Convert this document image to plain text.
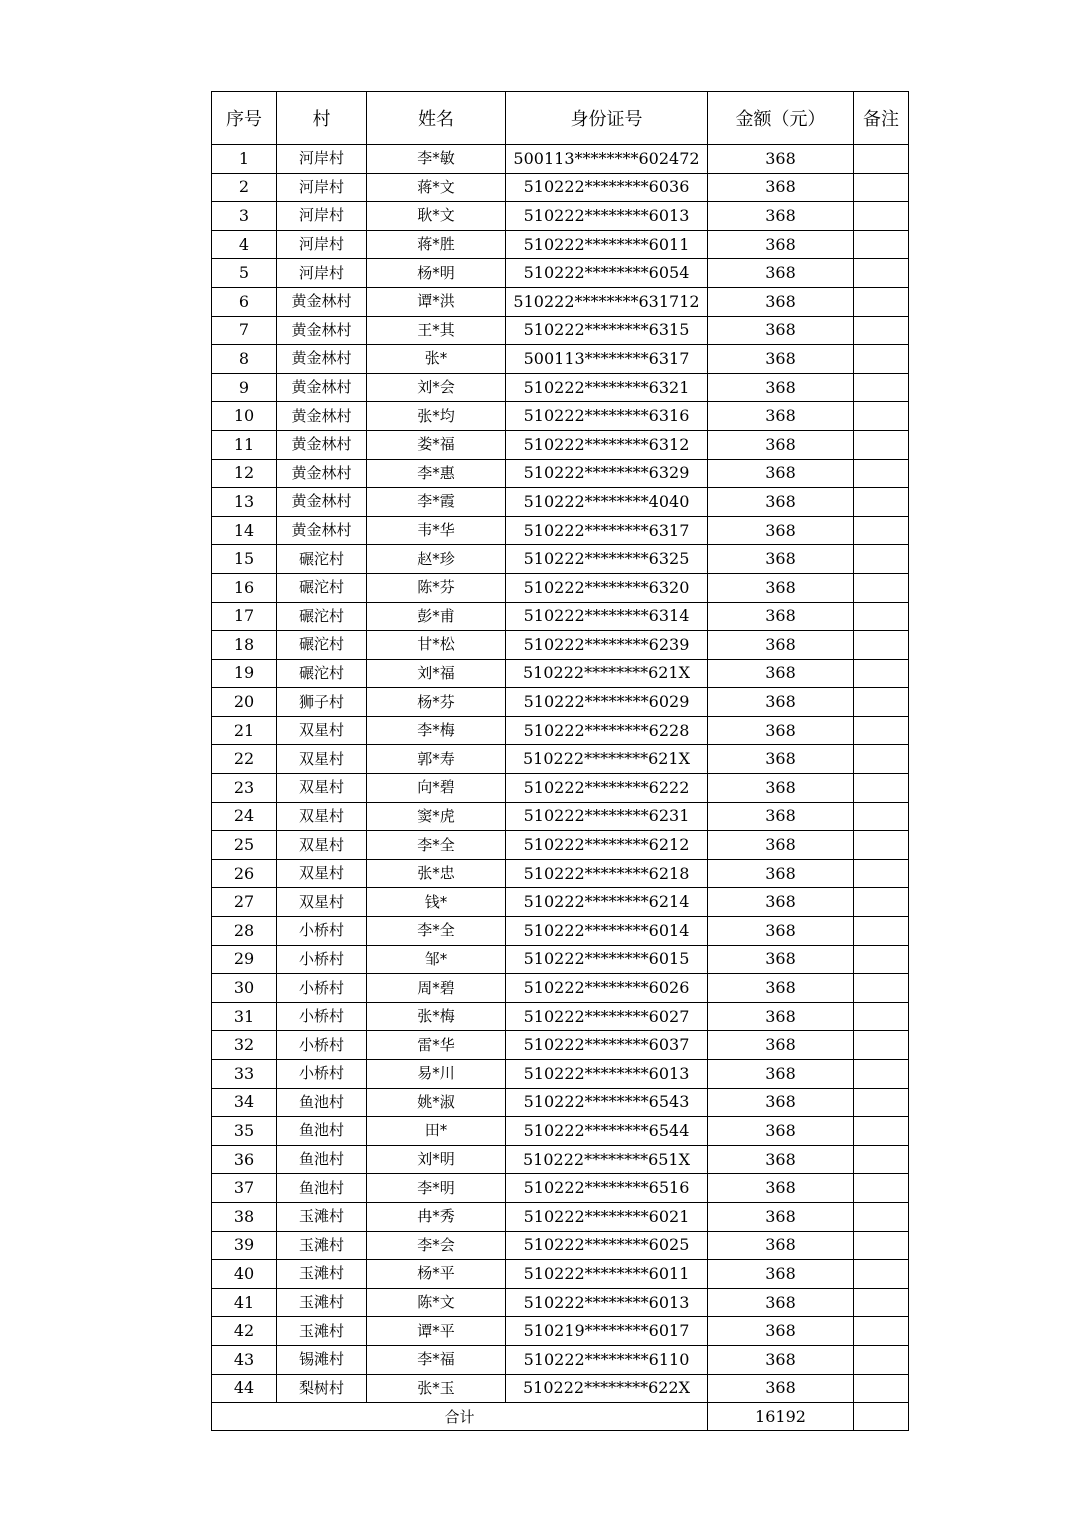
序号	村	姓名	身份证号	金额（元）	备注
1	河岸村	李*敏	500113********602472	368	
2	河岸村	蒋*文	510222********6036	368	
3	河岸村	耿*文	510222********6013	368	
4	河岸村	蒋*胜	510222********6011	368	
5	河岸村	杨*明	510222********6054	368	
6	黄金林村	谭*洪	510222********631712	368	
7	黄金林村	王*其	510222********6315	368	
8	黄金林村	张*	500113********6317	368	
9	黄金林村	刘*会	510222********6321	368	
10	黄金林村	张*均	510222********6316	368	
11	黄金林村	娄*福	510222********6312	368	
12	黄金林村	李*惠	510222********6329	368	
13	黄金林村	李*霞	510222********4040	368	
14	黄金林村	韦*华	510222********6317	368	
15	碾沱村	赵*珍	510222********6325	368	
16	碾沱村	陈*芬	510222********6320	368	
17	碾沱村	彭*甫	510222********6314	368	
18	碾沱村	甘*松	510222********6239	368	
19	碾沱村	刘*福	510222********621X	368	
20	狮子村	杨*芬	510222********6029	368	
21	双星村	李*梅	510222********6228	368	
22	双星村	郭*寿	510222********621X	368	
23	双星村	向*碧	510222********6222	368	
24	双星村	窦*虎	510222********6231	368	
25	双星村	李*全	510222********6212	368	
26	双星村	张*忠	510222********6218	368	
27	双星村	钱*	510222********6214	368	
28	小桥村	李*全	510222********6014	368	
29	小桥村	邹*	510222********6015	368	
30	小桥村	周*碧	510222********6026	368	
31	小桥村	张*梅	510222********6027	368	
32	小桥村	雷*华	510222********6037	368	
33	小桥村	易*川	510222********6013	368	
34	鱼池村	姚*淑	510222********6543	368	
35	鱼池村	田*	510222********6544	368	
36	鱼池村	刘*明	510222********651X	368	
37	鱼池村	李*明	510222********6516	368	
38	玉滩村	冉*秀	510222********6021	368	
39	玉滩村	李*会	510222********6025	368	
40	玉滩村	杨*平	510222********6011	368	
41	玉滩村	陈*文	510222********6013	368	
42	玉滩村	谭*平	510219********6017	368	
43	锡滩村	李*福	510222********6110	368	
44	梨树村	张*玉	510222********622X	368	
合计				16192	
